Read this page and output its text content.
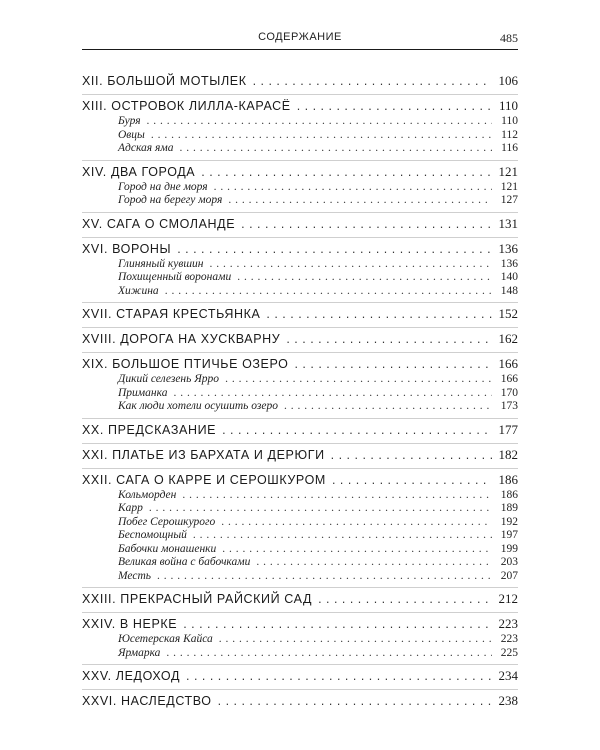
СОДЕРЖАНИЕ	485
XII. БОЛЬШОЙ МОТЫЛЕК . . .	106
XIII. ОСТРОВОК ЛИЛЛА-КАРАСЁ . . .	110
Буря . . .	110
Овцы . . .	112
Адская яма . . .	116
XIV. ДВА ГОРОДА . . .	121
Город на дне моря . . .	121
Город на берегу моря . . .	127
XV. САГА О СМОЛАНДЕ . . .	131
XVI. ВОРОНЫ . . .	136
Глиняный кувшин . . .	136
Похищенный воронами . . .	140
Хижина . . .	148
XVII. СТАРАЯ КРЕСТЬЯНКА . . .	152
XVIII. ДОРОГА НА ХУСКВАРНУ . . .	162
XIX. БОЛЬШОЕ ПТИЧЬЕ ОЗЕРО . . .	166
Дикий селезень Ярро . . .	166
Приманка . . .	170
Как люди хотели осушить озеро . . .	173
XX. ПРЕДСКАЗАНИЕ . . .	177
XXI. ПЛАТЬЕ ИЗ БАРХАТА И ДЕРЮГИ . . .	182
XXII. САГА О КАРРЕ И СЕРОШКУРОМ . . .	186
Кольморден . . .	186
Карр . . .	189
Побег Серошкурого . . .	192
Беспомощный . . .	197
Бабочки монашенки . . .	199
Великая война с бабочками . . .	203
Месть . . .	207
XXIII. ПРЕКРАСНЫЙ РАЙСКИЙ САД . . .	212
XXIV. В НЕРКЕ . . .	223
Юсетерская Кайса . . .	223
Ярмарка . . .	225
XXV. ЛЕДОХОД . . .	234
XXVI. НАСЛЕДСТВО . . .	238
